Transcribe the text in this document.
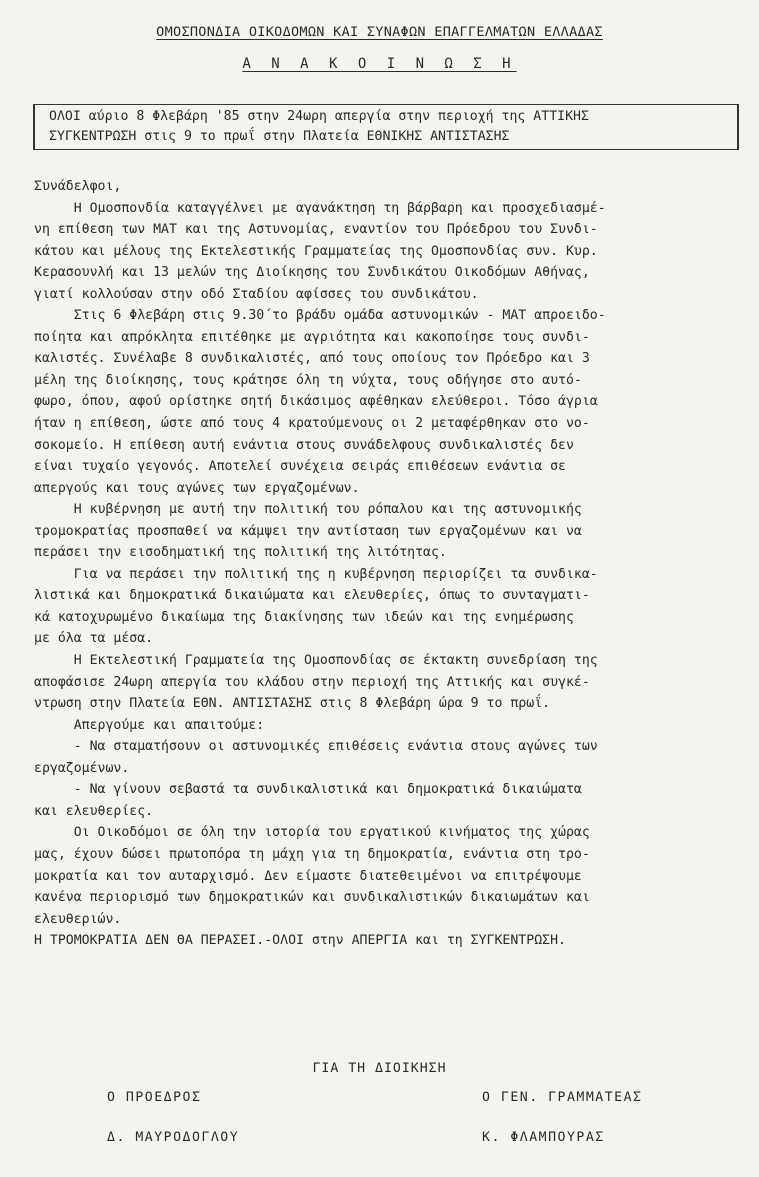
ΟΜΟΣΠΟΝΔΙΑ ΟΙΚΟΔΟΜΩΝ ΚΑΙ ΣΥΝΑΦΩΝ ΕΠΑΓΓΕΛΜΑΤΩΝ ΕΛΛΑΔΑΣ
Α Ν Α Κ Ο Ι Ν Ω Σ Η
ΟΛΟΙ αύριο 8 Φλεβάρη '85 στην 24ωρη απεργία στην περιοχή της ΑΤΤΙΚΗΣ
ΣΥΓΚΕΝΤΡΩΣΗ στις 9 το πρωΐ στην Πλατεία ΕΘΝΙΚΗΣ ΑΝΤΙΣΤΑΣΗΣ
Συνάδελφοι,
Η Ομοσπονδία καταγγέλνει με αγανάκτηση τη βάρβαρη και προσχεδιασμέ-
νη επίθεση των ΜΑΤ και της Αστυνομίας, εναντίον του Πρόεδρου του Συνδι-
κάτου και μέλους της Εκτελεστικής Γραμματείας της Ομοσπονδίας συν. Κυρ.
Κερασουνλή και 13 μελών της Διοίκησης του Συνδικάτου Οικοδόμων Αθήνας,
γιατί κολλούσαν στην οδό Σταδίου αφίσσες του συνδικάτου.
Στις 6 Φλεβάρη στις 9.30΄το βράδυ ομάδα αστυνομικών - ΜΑΤ απροειδο-
ποίητα και απρόκλητα επιτέθηκε με αγριότητα και κακοποίησε τους συνδι-
καλιστές. Συνέλαβε 8 συνδικαλιστές, από τους οποίους τον Πρόεδρο και 3
μέλη της διοίκησης, τους κράτησε όλη τη νύχτα, τους οδήγησε στο αυτό-
φωρο, όπου, αφού ορίστηκε σητή δικάσιμος αφέθηκαν ελεύθεροι. Τόσο άγρια
ήταν η επίθεση, ώστε από τους 4 κρατούμενους οι 2 μεταφέρθηκαν στο νο-
σοκομείο. Η επίθεση αυτή ενάντια στους συνάδελφους συνδικαλιστές δεν
είναι τυχαίο γεγονός. Αποτελεί συνέχεια σειράς επιθέσεων ενάντια σε
απεργούς και τους αγώνες των εργαζομένων.
Η κυβέρνηση με αυτή την πολιτική του ρόπαλου και της αστυνομικής
τρομοκρατίας προσπαθεί να κάμψει την αντίσταση των εργαζομένων και να
περάσει την εισοδηματική της πολιτική της λιτότητας.
Για να περάσει την πολιτική της η κυβέρνηση περιορίζει τα συνδικα-
λιστικά και δημοκρατικά δικαιώματα και ελευθερίες, όπως το συνταγματι-
κά κατοχυρωμένο δικαίωμα της διακίνησης των ιδεών και της ενημέρωσης
με όλα τα μέσα.
Η Εκτελεστική Γραμματεία της Ομοσπονδίας σε έκτακτη συνεδρίαση της
αποφάσισε 24ωρη απεργία του κλάδου στην περιοχή της Αττικής και συγκέ-
ντρωση στην Πλατεία ΕΘΝ. ΑΝΤΙΣΤΑΣΗΣ στις 8 Φλεβάρη ώρα 9 το πρωΐ.
Απεργούμε και απαιτούμε:
- Να σταματήσουν οι αστυνομικές επιθέσεις ενάντια στους αγώνες των
εργαζομένων.
- Να γίνουν σεβαστά τα συνδικαλιστικά και δημοκρατικά δικαιώματα
και ελευθερίες.
Οι Οικοδόμοι σε όλη την ιστορία του εργατικού κινήματος της χώρας
μας, έχουν δώσει πρωτοπόρα τη μάχη για τη δημοκρατία, ενάντια στη τρο-
μοκρατία και τον αυταρχισμό. Δεν είμαστε διατεθειμένοι να επιτρέψουμε
κανένα περιορισμό των δημοκρατικών και συνδικαλιστικών δικαιωμάτων και
ελευθεριών.
Η ΤΡΟΜΟΚΡΑΤΙΑ ΔΕΝ ΘΑ ΠΕΡΑΣΕΙ.-ΟΛΟΙ στην ΑΠΕΡΓΙΑ και τη ΣΥΓΚΕΝΤΡΩΣΗ.
ΓΙΑ ΤΗ ΔΙΟΙΚΗΣΗ
Ο ΠΡΟΕΔΡΟΣ	Ο ΓΕΝ. ΓΡΑΜΜΑΤΕΑΣ
Δ. ΜΑΥΡΟΔΟΓΛΟΥ	Κ. ΦΛΑΜΠΟΥΡΑΣ
